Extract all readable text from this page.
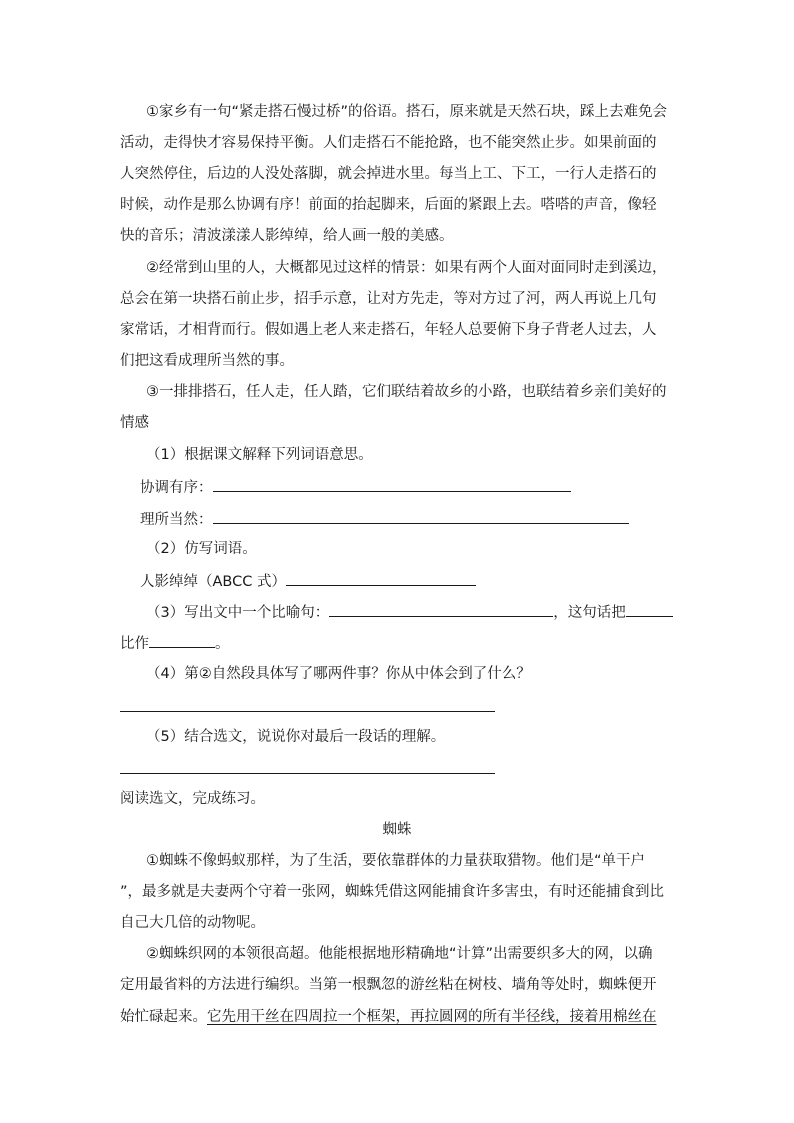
①家乡有一句“紧走搭石慢过桥”的俗语。搭石，原来就是天然石块，踩上去难免会
活动，走得快才容易保持平衡。人们走搭石不能抢路，也不能突然止步。如果前面的
人突然停住，后边的人没处落脚，就会掉进水里。每当上工、下工，一行人走搭石的
时候，动作是那么协调有序！前面的抬起脚来，后面的紧跟上去。嗒嗒的声音，像轻
快的音乐；清波漾漾人影绰绰，给人画一般的美感。
②经常到山里的人，大概都见过这样的情景：如果有两个人面对面同时走到溪边，
总会在第一块搭石前止步，招手示意，让对方先走，等对方过了河，两人再说上几句
家常话，才相背而行。假如遇上老人来走搭石，年轻人总要俯下身子背老人过去，人
们把这看成理所当然的事。
③一排排搭石，任人走，任人踏，它们联结着故乡的小路，也联结着乡亲们美好的
情感
（1）根据课文解释下列词语意思。
协调有序：
理所当然：
（2）仿写词语。
人影绰绰（ABCC 式）
（3）写出文中一个比喻句：	，这句话把
比作	。
（4）第②自然段具体写了哪两件事？你从中体会到了什么？
（5）结合选文，说说你对最后一段话的理解。
阅读选文，完成练习。
蜘蛛
①蜘蛛不像蚂蚁那样，为了生活，要依靠群体的力量获取猎物。他们是“单干户
”，最多就是夫妻两个守着一张网，蜘蛛凭借这网能捕食许多害虫，有时还能捕食到比
自己大几倍的动物呢。
②蜘蛛织网的本领很高超。他能根据地形精确地“计算”出需要织多大的网，以确
定用最省料的方法进行编织。当第一根飘忽的游丝粘在树枝、墙角等处时，蜘蛛便开
始忙碌起来。它先用干丝在四周拉一个框架，再拉圆网的所有半径线，接着用棉丝在
